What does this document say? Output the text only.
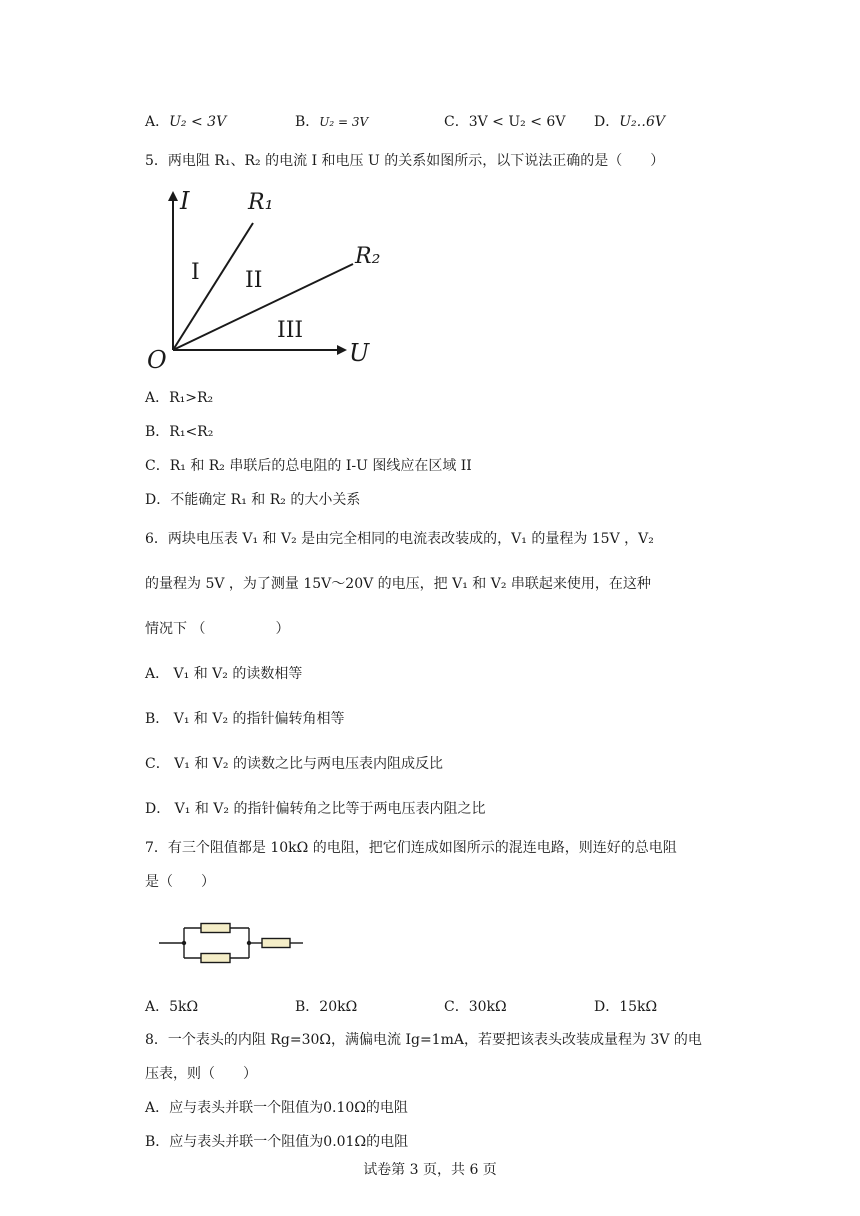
A．U₂ < 3V	B．U₂ = 3V	C．3V < U₂ < 6V D．U₂‥6V
5．两电阻 R₁、R₂ 的电流 I 和电压 U 的关系如图所示，以下说法正确的是（　　）
I
U
O
R₁
R₂
I II
III
A．R₁>R₂
B．R₁<R₂
C．R₁ 和 R₂ 串联后的总电阻的 I-U 图线应在区域 II
D．不能确定 R₁ 和 R₂ 的大小关系
6．两块电压表 V₁ 和 V₂ 是由完全相同的电流表改装成的，V₁ 的量程为 15V ，V₂
的量程为 5V ，为了测量 15V～20V 的电压，把 V₁ 和 V₂ 串联起来使用，在这种
情况下 （　　　　　）
A． V₁ 和 V₂ 的读数相等
B． V₁ 和 V₂ 的指针偏转角相等
C． V₁ 和 V₂ 的读数之比与两电压表内阻成反比
D． V₁ 和 V₂ 的指针偏转角之比等于两电压表内阻之比
7．有三个阻值都是 10kΩ 的电阻，把它们连成如图所示的混连电路，则连好的总电阻
是（　　）
A．5kΩ	B．20kΩ	C．30kΩ	D．15kΩ
8．一个表头的内阻 Rg=30Ω，满偏电流 Ig=1mA，若要把该表头改装成量程为 3V 的电
压表，则（　　）
A．应与表头并联一个阻值为0.10Ω的电阻
B．应与表头并联一个阻值为0.01Ω的电阻
试卷第 3 页，共 6 页
